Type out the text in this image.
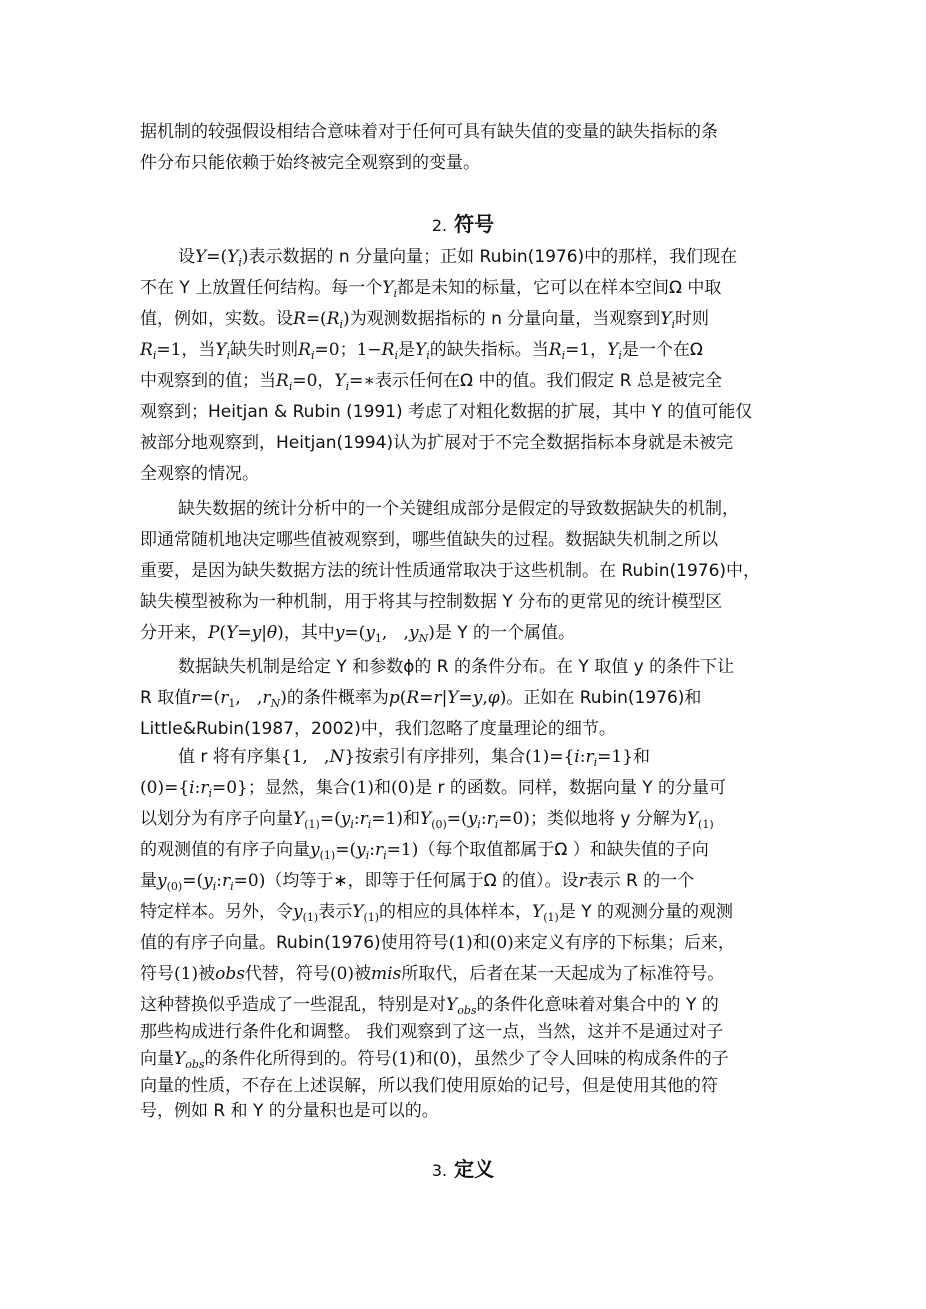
据机制的较强假设相结合意味着对于任何可具有缺失值的变量的缺失指标的条
件分布只能依赖于始终被完全观察到的变量。
2. 符号
设$Y=(Y_i)$表示数据的 n 分量向量；正如 Rubin(1976)中的那样，我们现在
不在 Y 上放置任何结构。每一个$Y_i$都是未知的标量，它可以在样本空间Ω 中取
值，例如，实数。设$R=(R_i)$为观测数据指标的 n 分量向量，当观察到$Y_i$时则
$R_i=1$，当$Y_i$缺失时则$R_i=0$；$1-R_i$是$Y_i$的缺失指标。当$R_i=1$，$Y_i$是一个在Ω
中观察到的值；当$R_i=0$，$Y_i=∗$表示任何在Ω 中的值。我们假定 R 总是被完全
观察到；Heitjan & Rubin (1991) 考虑了对粗化数据的扩展，其中 Y 的值可能仅
被部分地观察到，Heitjan(1994)认为扩展对于不完全数据指标本身就是未被完
全观察的情况。
缺失数据的统计分析中的一个关键组成部分是假定的导致数据缺失的机制，
即通常随机地决定哪些值被观察到，哪些值缺失的过程。数据缺失机制之所以
重要，是因为缺失数据方法的统计性质通常取决于这些机制。在 Rubin(1976)中，
缺失模型被称为一种机制，用于将其与控制数据 Y 分布的更常见的统计模型区
分开来，P(Y=y|θ)，其中$y=(y_1$,   $,y_N$)是 Y 的一个属值。
数据缺失机制是给定 Y 和参数ϕ的 R 的条件分布。在 Y 取值 y 的条件下让
R 取值$r=(r_1$,   $,r_N$)的条件概率为p(R=r|Y=y,φ)。正如在 Rubin(1976)和
Little&Rubin(1987，2002)中，我们忽略了度量理论的细节。
值 r 将有序集{1,   ,N}按索引有序排列，集合$(1)=\{i:r_i=1\}$和
$(0)=\{i:r_i=0\}$；显然，集合(1)和(0)是 r 的函数。同样，数据向量 Y 的分量可
以划分为有序子向量$Y_{(1)}=(y_i:r_i=1)$和$Y_{(0)}=(y_i:r_i=0)$；类似地将 y 分解为$Y_{(1)}$
的观测值的有序子向量$y_{(1)}=(y_i:r_i=1)$（每个取值都属于Ω ）和缺失值的子向
量$y_{(0)}=(y_i:r_i=0)$（均等于∗，即等于任何属于Ω 的值）。设r表示 R 的一个
特定样本。另外，令$y_{(1)}$表示$Y_{(1)}$的相应的具体样本，$Y_{(1)}$是 Y 的观测分量的观测
值的有序子向量。Rubin(1976)使用符号(1)和(0)来定义有序的下标集；后来，
符号(1)被obs代替，符号(0)被mis所取代，后者在某一天起成为了标准符号。
这种替换似乎造成了一些混乱，特别是对$Y_{obs}$的条件化意味着对集合中的 Y 的
那些构成进行条件化和调整。 我们观察到了这一点，当然，这并不是通过对子
向量$Y_{obs}$的条件化所得到的。符号(1)和(0)，虽然少了令人回味的构成条件的子
向量的性质，不存在上述误解，所以我们使用原始的记号，但是使用其他的符
号，例如 R 和 Y 的分量积也是可以的。
3. 定义
